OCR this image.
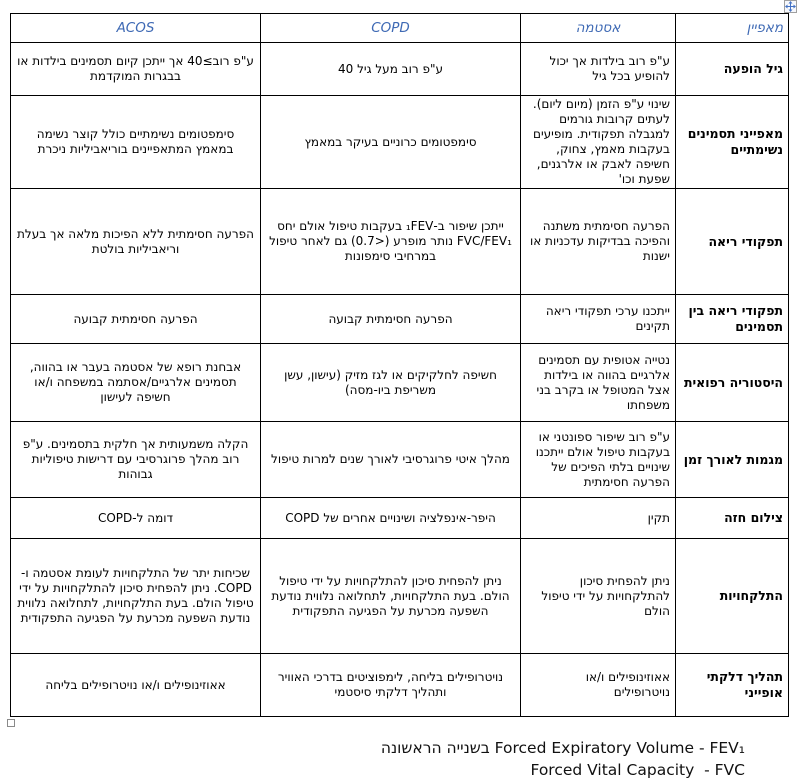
מאפיין	אסטמה	COPD	ACOS
גיל הופעה	ע"פ רוב בילדות אך יכול להופיע בכל גיל	ע"פ רוב מעל גיל 40	ע"פ רוב≥40 אך ייתכן קיום תסמינים בילדות או בבגרות המוקדמת
מאפייני תסמינים נשימתיים	שינוי ע"פ הזמן (מיום ליום). לעתים קרובות גורמים למגבלה תפקודית. מופיעים בעקבות מאמץ, צחוק, חשיפה לאבק או אלרגנים, שפעת וכו'	סימפטומים כרוניים בעיקר במאמץ	סימפטומים נשימתיים כולל קוצר נשימה במאמץ המתאפיינים בוריאביליות ניכרת
תפקודי ריאה	הפרעה חסימתית משתנה והפיכה בבדיקות עדכניות או ישנות	ייתכן שיפור ב-₁FEV בעקבות טיפול אולם יחס FVC/FEV₁ נותר מופרע (<0.7) גם לאחר טיפול במרחיבי סימפונות	הפרעה חסימתית ללא הפיכות מלאה אך בעלת וריאביליות בולטת
תפקודי ריאה בין תסמינים	ייתכנו ערכי תפקודי ריאה תקינים	הפרעה חסימתית קבועה	הפרעה חסימתית קבועה
היסטוריה רפואית	נטייה אטופית עם תסמינים אלרגיים בהווה או בילדות אצל המטופל או בקרב בני משפחתו	חשיפה לחלקיקים או לגז מזיק (עישון, עשן משריפת ביו-מסה)	אבחנת רופא של אסטמה בעבר או בהווה, תסמינים אלרגיים/אסתמה במשפחה ו/או חשיפה לעישון
מגמות לאורך זמן	ע"פ רוב שיפור ספונטני או בעקבות טיפול אולם ייתכנו שינויים בלתי הפיכים של הפרעה חסימתית	מהלך איטי פרוגרסיבי לאורך שנים למרות טיפול	הקלה משמעותית אך חלקית בתסמינים. ע"פ רוב מהלך פרוגרסיבי עם דרישות טיפוליות גבוהות
צילום חזה	תקין	היפר-אינפלציה ושינויים אחרים של COPD	דומה ל-COPD
התלקחויות	ניתן להפחית סיכון להתלקחויות על ידי טיפול הולם	ניתן להפחית סיכון להתלקחויות על ידי טיפול הולם. בעת התלקחויות, לתחלואה נלווית נודעת השפעה מכרעת על הפגיעה התפקודית	שכיחות יתר של התלקחויות לעומת אסטמה ו-COPD. ניתן להפחית סיכון להתלקחויות על ידי טיפול הולם. בעת התלקחויות, לתחלואה נלווית נודעת השפעה מכרעת על הפגיעה התפקודית
תהליך דלקתי אופייני	אאוזינופילים ו/או נויטרופילים	נויטרופילים בליחה, לימפוציטים בדרכי האוויר ותהליך דלקתי סיסטמי	אאוזינופילים ו/או נויטרופילים בליחה
Forced Expiratory Volume - FEV₁ בשנייה הראשונה
Forced Vital Capacity  - FVC
